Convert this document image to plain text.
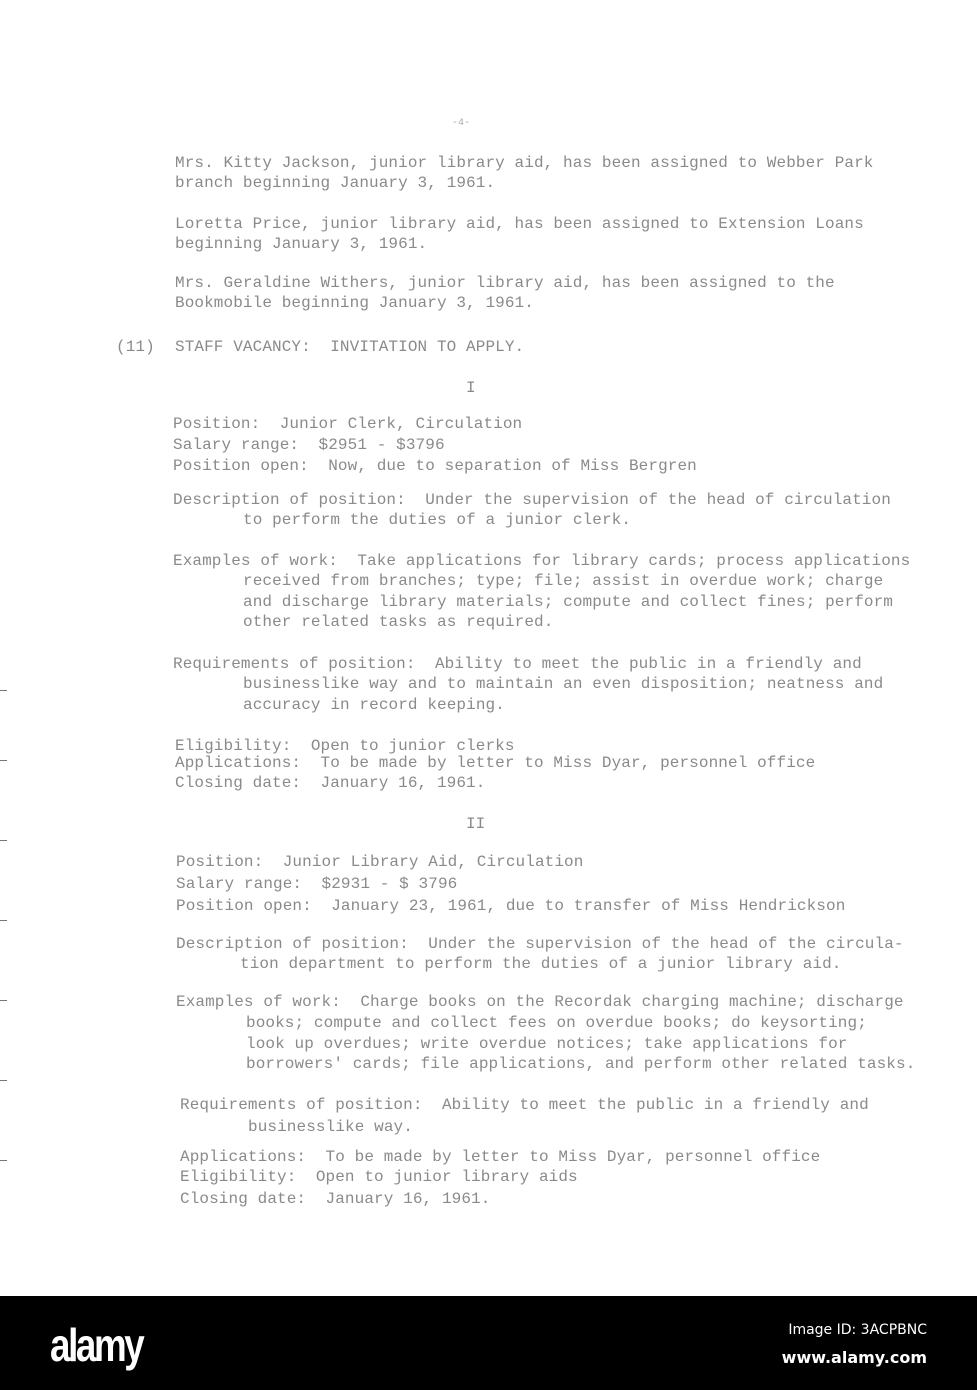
-4-
Mrs. Kitty Jackson, junior library aid, has been assigned to Webber Park
branch beginning January 3, 1961.
Loretta Price, junior library aid, has been assigned to Extension Loans
beginning January 3, 1961.
Mrs. Geraldine Withers, junior library aid, has been assigned to the
Bookmobile beginning January 3, 1961.
(11) STAFF VACANCY:  INVITATION TO APPLY.
I
Position:  Junior Clerk, Circulation
Salary range:  $2951 - $3796
Position open:  Now, due to separation of Miss Bergren
Description of position:  Under the supervision of the head of circulation
to perform the duties of a junior clerk.
Examples of work:  Take applications for library cards; process applications
received from branches; type; file; assist in overdue work; charge
and discharge library materials; compute and collect fines; perform
other related tasks as required.
Requirements of position:  Ability to meet the public in a friendly and
businesslike way and to maintain an even disposition; neatness and
accuracy in record keeping.
Eligibility:  Open to junior clerks
Applications:  To be made by letter to Miss Dyar, personnel office
Closing date:  January 16, 1961.
II
Position:  Junior Library Aid, Circulation
Salary range:  $2931 - $ 3796
Position open:  January 23, 1961, due to transfer of Miss Hendrickson
Description of position:  Under the supervision of the head of the circula-
tion department to perform the duties of a junior library aid.
Examples of work:  Charge books on the Recordak charging machine; discharge
books; compute and collect fees on overdue books; do keysorting;
look up overdues; write overdue notices; take applications for
borrowers' cards; file applications, and perform other related tasks.
Requirements of position:  Ability to meet the public in a friendly and
businesslike way.
Applications:  To be made by letter to Miss Dyar, personnel office
Eligibility:  Open to junior library aids
Closing date:  January 16, 1961.
alamy	Image ID: 3ACPBNC
www.alamy.com
